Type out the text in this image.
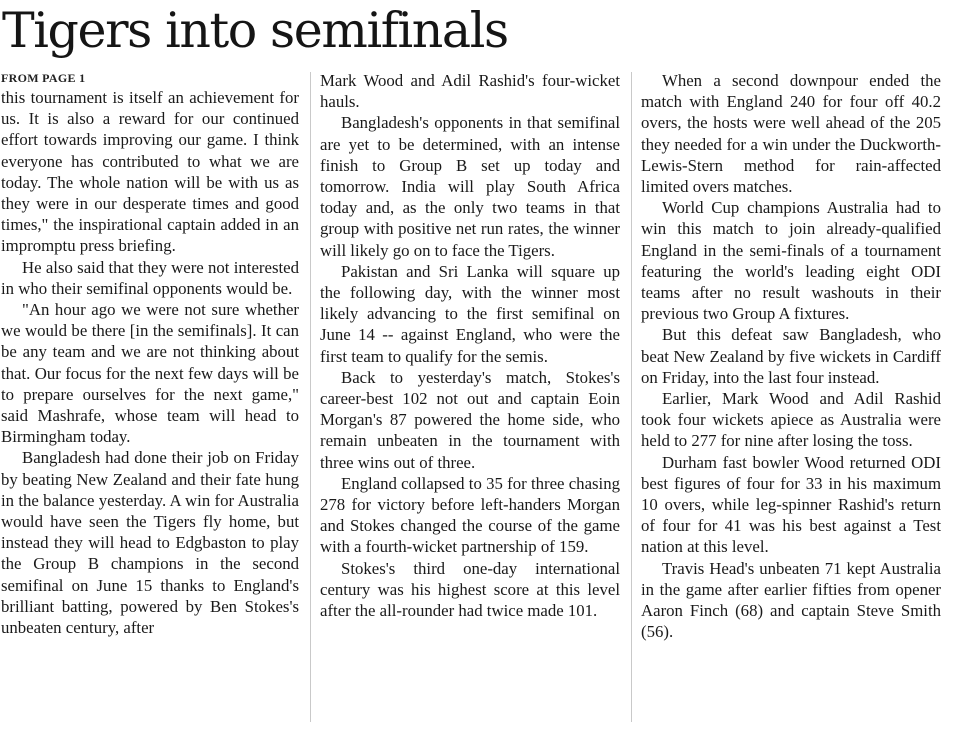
Tigers into semifinals

FROM PAGE 1

this tournament is itself an achievement for us. It is also a reward for our continued effort towards improving our game. I think everyone has contributed to what we are today. The whole nation will be with us as they were in our desperate times and good times," the inspirational captain added in an impromptu press briefing.

He also said that they were not interested in who their semifinal opponents would be.

"An hour ago we were not sure whether we would be there [in the semifinals]. It can be any team and we are not thinking about that. Our focus for the next few days will be to prepare ourselves for the next game," said Mashrafe, whose team will head to Birmingham today.

Bangladesh had done their job on Friday by beating New Zealand and their fate hung in the balance yesterday. A win for Australia would have seen the Tigers fly home, but instead they will head to Edgbaston to play the Group B champions in the second semifinal on June 15 thanks to England's brilliant batting, powered by Ben Stokes's unbeaten century, after

Mark Wood and Adil Rashid's four-wicket hauls.

Bangladesh's opponents in that semifinal are yet to be determined, with an intense finish to Group B set up today and tomorrow. India will play South Africa today and, as the only two teams in that group with positive net run rates, the winner will likely go on to face the Tigers.

Pakistan and Sri Lanka will square up the following day, with the winner most likely advancing to the first semifinal on June 14 -- against England, who were the first team to qualify for the semis.

Back to yesterday's match, Stokes's career-best 102 not out and captain Eoin Morgan's 87 powered the home side, who remain unbeaten in the tournament with three wins out of three.

England collapsed to 35 for three chasing 278 for victory before left-handers Morgan and Stokes changed the course of the game with a fourth-wicket partnership of 159.

Stokes's third one-day international century was his highest score at this level after the all-rounder had twice made 101.

When a second downpour ended the match with England 240 for four off 40.2 overs, the hosts were well ahead of the 205 they needed for a win under the Duckworth-Lewis-Stern method for rain-affected limited overs matches.

World Cup champions Australia had to win this match to join already-qualified England in the semi-finals of a tournament featuring the world's leading eight ODI teams after no result washouts in their previous two Group A fixtures.

But this defeat saw Bangladesh, who beat New Zealand by five wickets in Cardiff on Friday, into the last four instead.

Earlier, Mark Wood and Adil Rashid took four wickets apiece as Australia were held to 277 for nine after losing the toss.

Durham fast bowler Wood returned ODI best figures of four for 33 in his maximum 10 overs, while leg-spinner Rashid's return of four for 41 was his best against a Test nation at this level.

Travis Head's unbeaten 71 kept Australia in the game after earlier fifties from opener Aaron Finch (68) and captain Steve Smith (56).
